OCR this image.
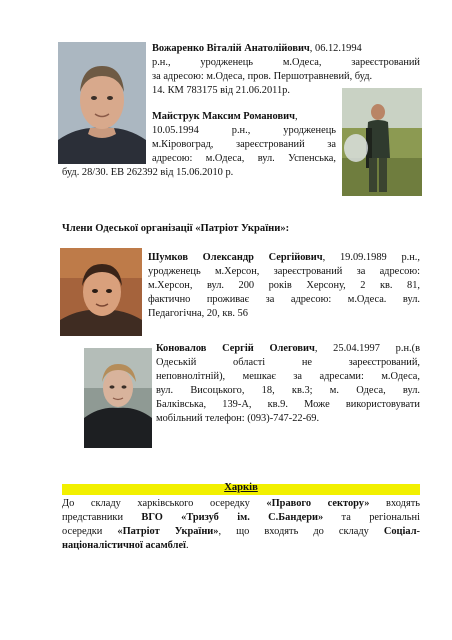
Вожаренко Віталій Анатолійович, 06.12.1994
р.н., уродженець м.Одеса, зареєстрований
за адресою: м.Одеса, пров. Першотравневий, буд.
14. КМ 783175 від 21.06.2011р.
Майструк Максим Романович,
10.05.1994 р.н., уродженець
м.Кіровоград, зареєстрований за
адресою: м.Одеса, вул. Успенська,
буд. 28/30. ЕВ 262392 від 15.06.2010 р.
Члени Одеської організації «Патріот України»:
Шумков Олександр Сергійович, 19.09.1989 р.н.,
уродженець м.Херсон, зареєстрований за адресою:
м.Херсон, вул. 200 років Херсону, 2 кв. 81,
фактично проживає за адресою: м.Одеса. вул.
Педагогічна, 20, кв. 56
Коновалов Сергій Олегович, 25.04.1997 р.н.(в
Одеській області не зареєстрований,
неповнолітній), мешкає за адресами: м.Одеса,
вул. Висоцького, 18, кв.3; м. Одеса, вул.
Балківська, 139-А, кв.9. Може використовувати
мобільний телефон: (093)-747-22-69.
Харків
До складу харківського осередку «Правого сектору» входять
представники ВГО «Тризуб ім. С.Бандери» та регіональні
осередки «Патріот України», що входять до складу Соціал-
націоналістичної асамблеї.
